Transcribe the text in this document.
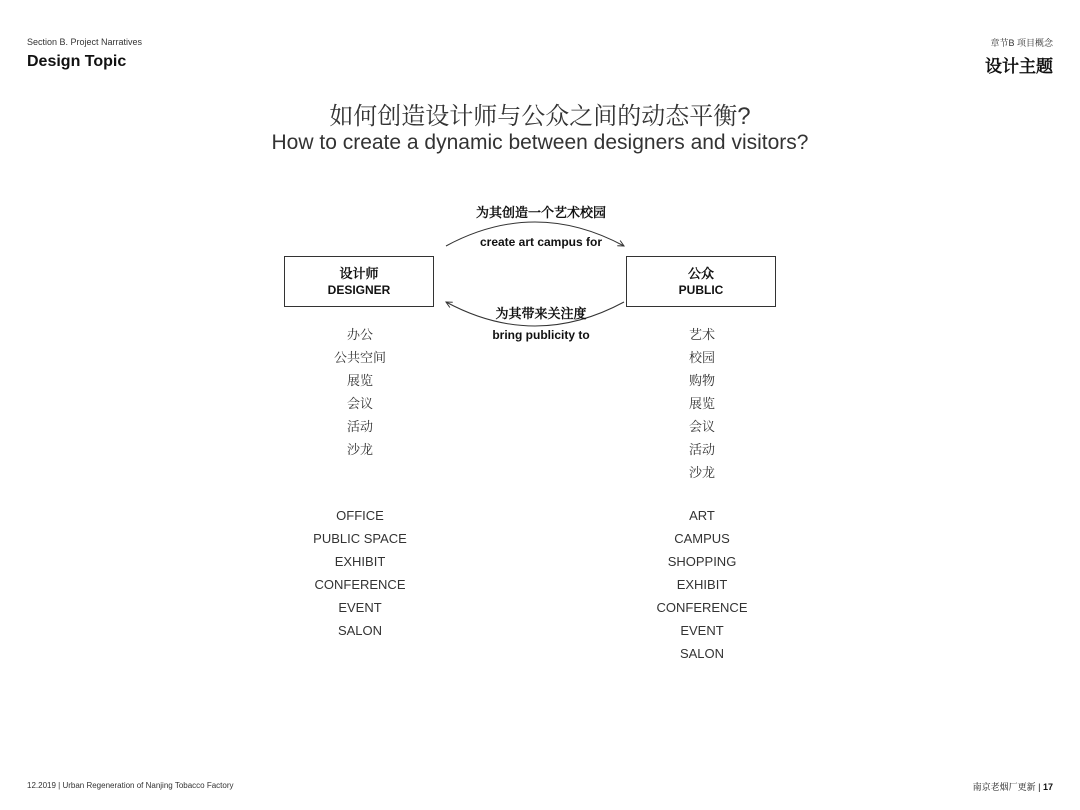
Section B. Project Narratives
Design Topic
章节B 项目概念
设计主题
如何创造设计师与公众之间的动态平衡?
How to create a dynamic between designers and visitors?
为其创造一个艺术校园
create art campus for
为其带来关注度
bring publicity to
设计师
DESIGNER
公众
PUBLIC
办公
公共空间
展览
会议
活动
沙龙
艺术
校园
购物
展览
会议
活动
沙龙
OFFICE
PUBLIC SPACE
EXHIBIT
CONFERENCE
EVENT
SALON
ART
CAMPUS
SHOPPING
EXHIBIT
CONFERENCE
EVENT
SALON
12.2019 | Urban Regeneration of Nanjing Tobacco Factory	南京老烟厂更新 | 17
